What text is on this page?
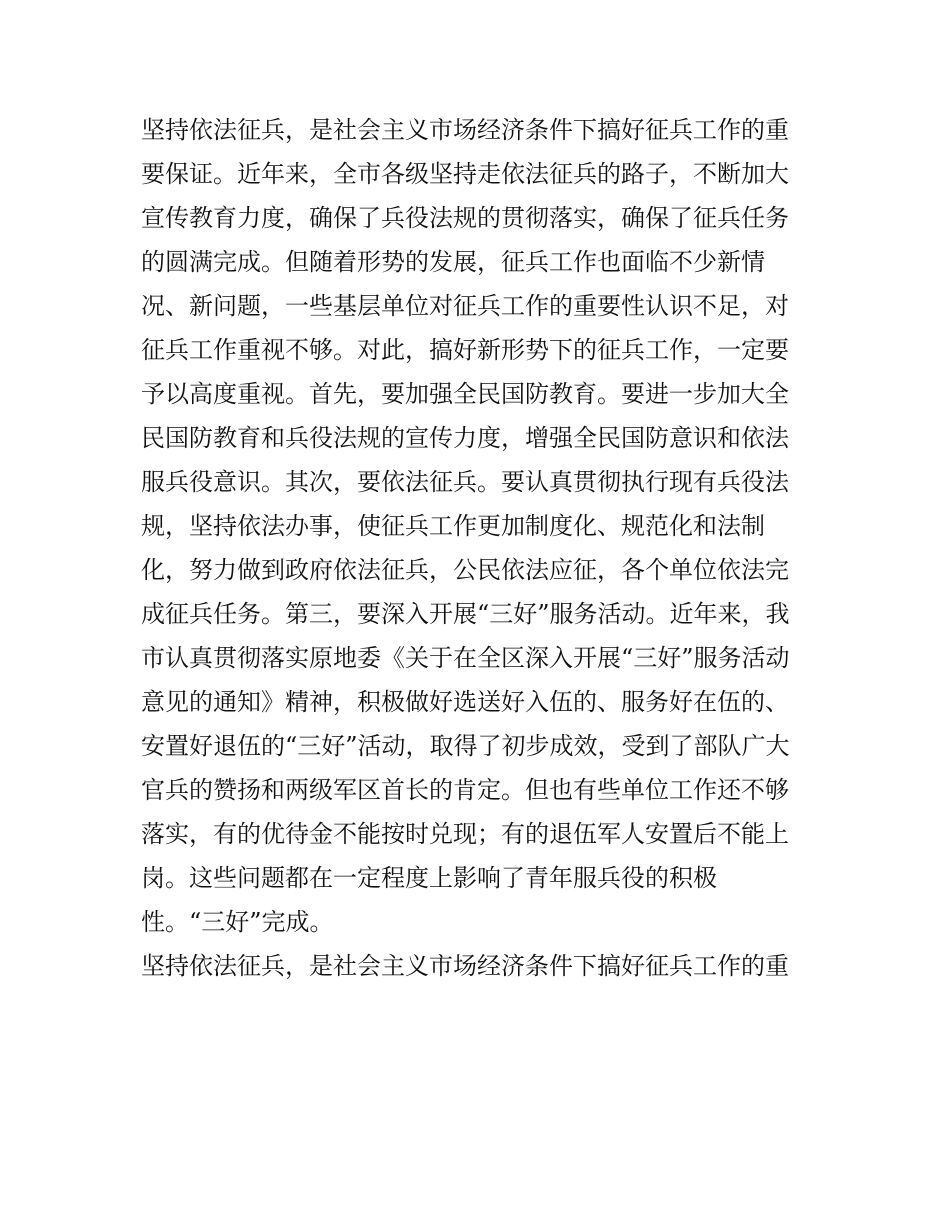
坚持依法征兵，是社会主义市场经济条件下搞好征兵工作的重
要保证。近年来，全市各级坚持走依法征兵的路子，不断加大
宣传教育力度，确保了兵役法规的贯彻落实，确保了征兵任务
的圆满完成。但随着形势的发展，征兵工作也面临不少新情
况、新问题，一些基层单位对征兵工作的重要性认识不足，对
征兵工作重视不够。对此，搞好新形势下的征兵工作，一定要
予以高度重视。首先，要加强全民国防教育。要进一步加大全
民国防教育和兵役法规的宣传力度，增强全民国防意识和依法
服兵役意识。其次，要依法征兵。要认真贯彻执行现有兵役法
规，坚持依法办事，使征兵工作更加制度化、规范化和法制
化，努力做到政府依法征兵，公民依法应征，各个单位依法完
成征兵任务。第三，要深入开展“三好”服务活动。近年来，我
市认真贯彻落实原地委《关于在全区深入开展“三好”服务活动
意见的通知》精神，积极做好选送好入伍的、服务好在伍的、
安置好退伍的“三好”活动，取得了初步成效，受到了部队广大
官兵的赞扬和两级军区首长的肯定。但也有些单位工作还不够
落实，有的优待金不能按时兑现；有的退伍军人安置后不能上
岗。这些问题都在一定程度上影响了青年服兵役的积极
性。“三好”完成。
坚持依法征兵，是社会主义市场经济条件下搞好征兵工作的重
